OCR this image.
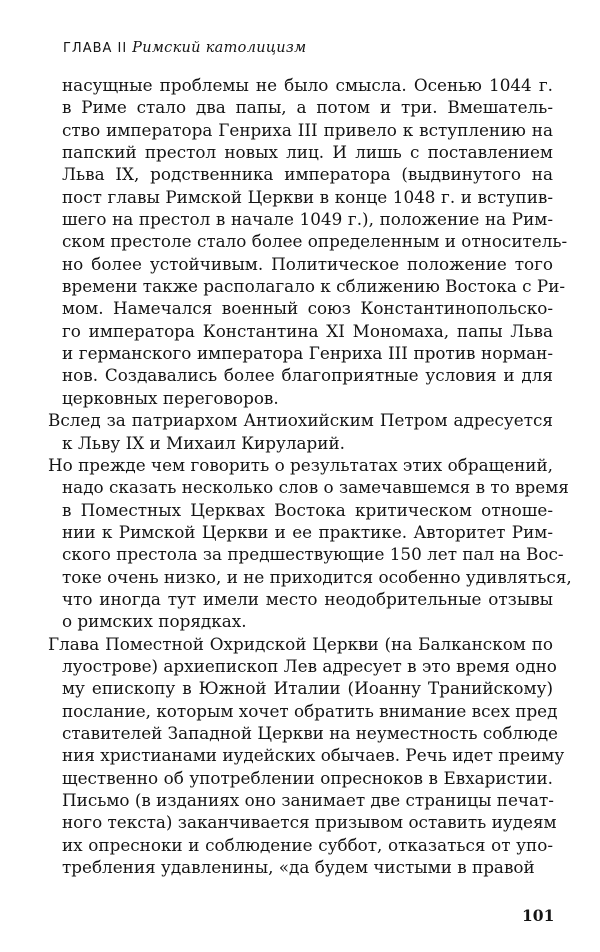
ГЛАВА II Римский католицизм
насущные проблемы не было смысла. Осенью 1044 г.
в Риме стало два папы, а потом и три. Вмешатель-
ство императора Генриха III привело к вступлению на
папский престол новых лиц. И лишь с поставлением
Льва IX, родственника императора (выдвинутого на
пост главы Римской Церкви в конце 1048 г. и вступив-
шего на престол в начале 1049 г.), положение на Рим-
ском престоле стало более определенным и относитель-
но более устойчивым. Политическое положение того
времени также располагало к сближению Востока с Ри-
мом. Намечался военный союз Константинопольско-
го императора Константина XI Мономаха, папы Льва
и германского императора Генриха III против норман-
нов. Создавались более благоприятные условия и для
церковных переговоров.
Вслед за патриархом Антиохийским Петром адресуется
к Льву IX и Михаил Кируларий.
Но прежде чем говорить о результатах этих обращений,
надо сказать несколько слов о замечавшемся в то время
в Поместных Церквах Востока критическом отноше-
нии к Римской Церкви и ее практике. Авторитет Рим-
ского престола за предшествующие 150 лет пал на Вос-
токе очень низко, и не приходится особенно удивляться,
что иногда тут имели место неодобрительные отзывы
о римских порядках.
Глава Поместной Охридской Церкви (на Балканском по
луострове) архиепископ Лев адресует в это время одно
му епископу в Южной Италии (Иоанну Транийскому)
послание, которым хочет обратить внимание всех пред
ставителей Западной Церкви на неуместность соблюде
ния христианами иудейских обычаев. Речь идет преиму
щественно об употреблении опресноков в Евхаристии.
Письмо (в изданиях оно занимает две страницы печат-
ного текста) заканчивается призывом оставить иудеям
их опресноки и соблюдение суббот, отказаться от упо-
требления удавленины, «да будем чистыми в правой
101
